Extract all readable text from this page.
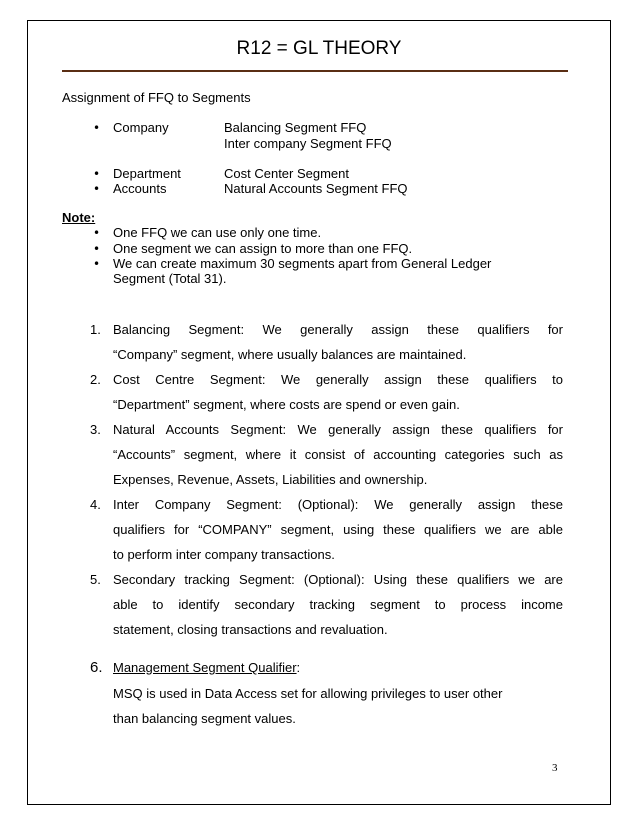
R12 = GL THEORY
Assignment of FFQ to Segments
• Company	Balancing Segment FFQ
Inter company Segment FFQ
• Department	Cost Center Segment
• Accounts	Natural Accounts Segment FFQ
Note:
• One FFQ we can use only one time.
• One segment we can assign to more than one FFQ.
• We can create maximum 30 segments apart from General Ledger
Segment (Total 31).
1. Balancing Segment: We generally assign these qualifiers for
“Company” segment, where usually balances are maintained.
2. Cost Centre Segment: We generally assign these qualifiers to
“Department” segment, where costs are spend or even gain.
3. Natural Accounts Segment: We generally assign these qualifiers for
“Accounts” segment, where it consist of accounting categories such as
Expenses, Revenue, Assets, Liabilities and ownership.
4. Inter Company Segment: (Optional): We generally assign these
qualifiers for “COMPANY” segment, using these qualifiers we are able
to perform inter company transactions.
5. Secondary tracking Segment: (Optional): Using these qualifiers we are
able to identify secondary tracking segment to process income
statement, closing transactions and revaluation.
6. Management Segment Qualifier:
MSQ is used in Data Access set for allowing privileges to user other
than balancing segment values.
3
